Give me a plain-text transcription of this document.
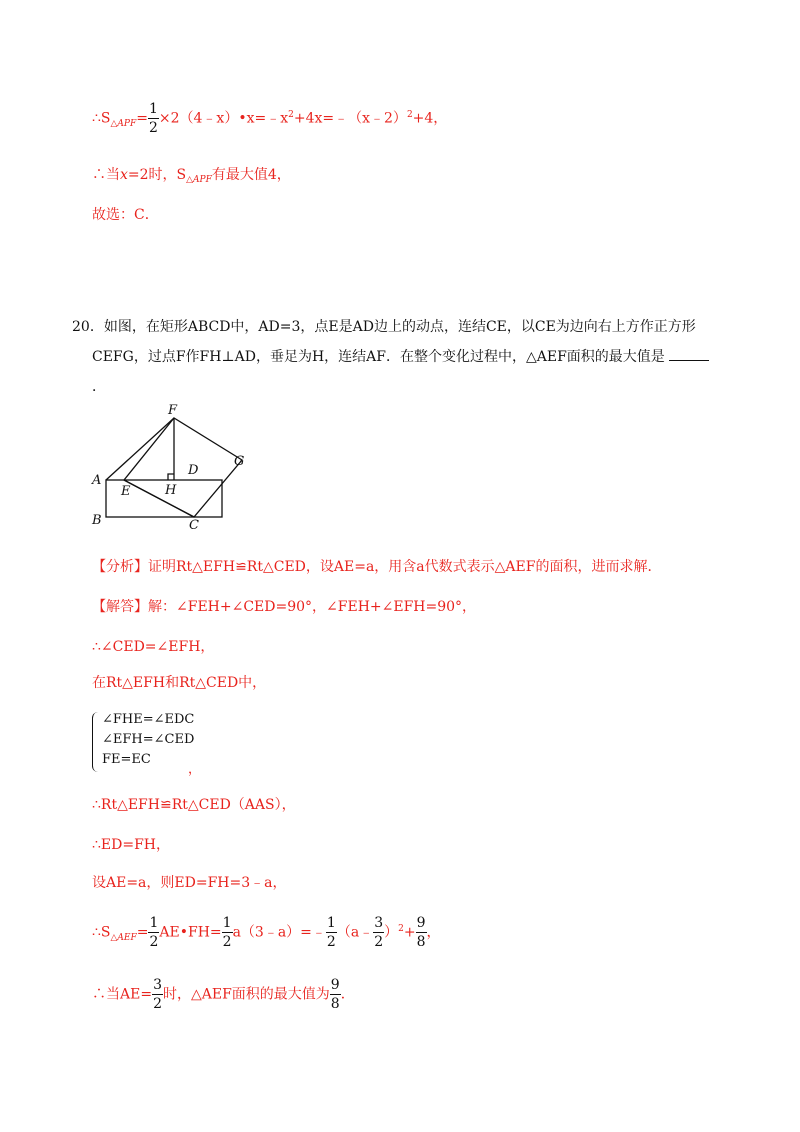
$\therefore S_{\triangle APF}= \frac{1}{2}$ $\times 2(4﹣x)•x=﹣x^2+4x=﹣(x﹣2)^2+4$，
∴当x=2时，$S_{\triangle APF}$有最大值4，
故选：C．
20．如图，在矩形ABCD中，AD=3，点E是AD边上的动点，连结CE，以CE为边向右上方作正方形
CEFG，过点F作FH⊥AD，垂足为H，连结AF．在整个变化过程中，△AEF面积的最大值是
．
A
B	C
D
E
F
G
H
【分析】证明Rt△EFH≌Rt△CED，设AE=a，用含a代数式表示△AEF的面积，进而求解．
【解答】解：∠FEH+∠CED=90°，∠FEH+∠EFH=90°，
∴∠CED=∠EFH，
在Rt△EFH和Rt△CED中，
∠FHE=∠EDC
∠EFH=∠CED
FE=EC
，
∴Rt△EFH≌Rt△CED（AAS），
∴ED=FH，
设AE=a，则ED=FH=3﹣a，
$\therefore S_{\triangle AEF}= \frac{1}{2}$ AE•FH= $\frac{1}{2}$ a（3﹣a）=﹣ $\frac{1}{2}$ （a﹣ $\frac{3}{2} )^2+ \frac{9}{8}$ ，
∴当$AE= \frac{3}{2}$ 时，△AEF面积的最大值为 $\frac{9}{8}$ ．
